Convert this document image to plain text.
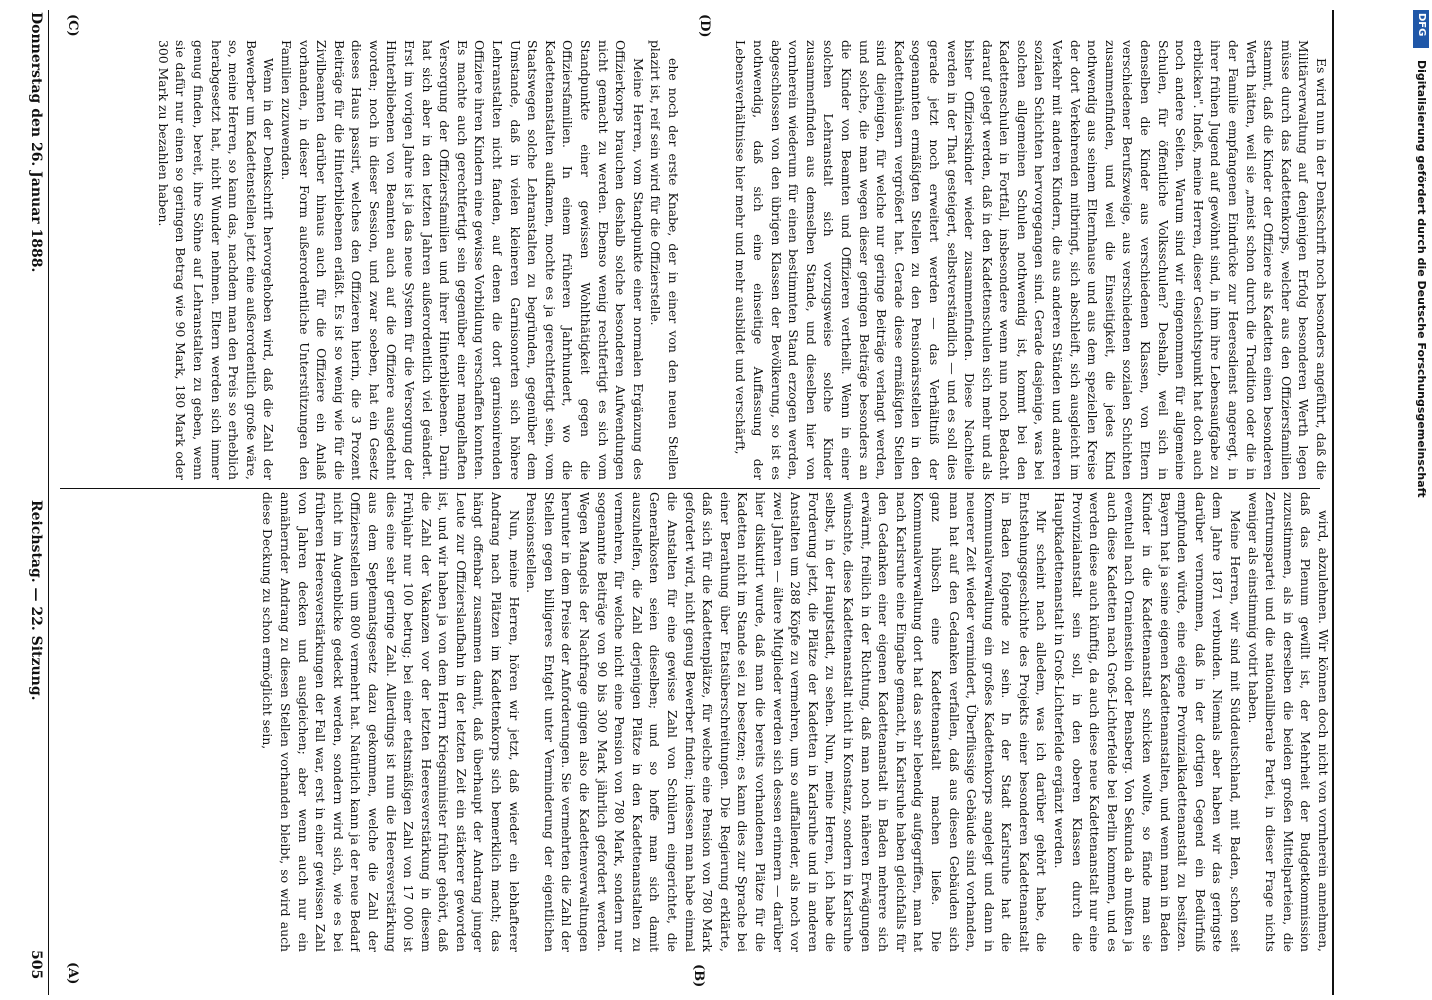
Reichstag. — 22. Sitzung.
Donnerstag den 26. Januar 1888.
505 (A)	(B)
(C)	(D)

wird, abzulehnen. Wir können doch nicht von vornherein annehmen, daß das Plenum gewillt ist, der Mehrheit der Budgetkommission zuzustimmen, als in derselben die beiden großen Mittelparteien, die Zentrumspartei und die nationalliberale Partei, in dieser Frage nichts weniger als einstimmig votirt haben.

Meine Herren, wir sind mit Süddeutschland, mit Baden, schon seit dem Jahre 1871 verbunden. Niemals aber haben wir das geringste darüber vernommen, daß in der dortigen Gegend ein Bedürfniß empfunden würde, eine eigene Provinzialkadettenanstalt zu besitzen. Bayern hat ja seine eigenen Kadettenanstalten, und wenn man in Baden Kinder in die Kadettenanstalt schicken wollte, so fände man sie eventuell nach Oranienstein oder Bensberg. Von Sekunda ab mußten ja auch diese Kadetten nach Groß-Lichterfelde bei Berlin kommen, und es werden diese auch künftig, da auch diese neue Kadettenanstalt nur eine Provinzialanstalt sein soll, in den oberen Klassen durch die Hauptkadettenanstalt in Groß-Lichterfelde ergänzt werden.

Mir scheint nach alledem, was ich darüber gehört habe, die Entstehungsgeschichte des Projekts einer besonderen Kadettenanstalt in Baden folgende zu sein. In der Stadt Karlsruhe hat die Kommunalverwaltung ein großes Kadettenkorps angelegt und dann in neuerer Zeit wieder vermindert, Überflüssige Gebäude sind vorhanden, man hat auf den Gedanken verfallen, daß aus diesen Gebäuden sich ganz hübsch eine Kadettenanstalt machen ließe. Die Kommunalverwaltung dort hat das sehr lebendig aufgegriffen, man hat nach Karlsruhe eine Eingabe gemacht, in Karlsruhe haben gleichfalls für den Gedanken einer eigenen Kadettenanstalt in Baden mehrere sich erwärmt, freilich in der Richtung, daß man noch näheren Erwägungen wünschte, diese Kadettenanstalt nicht in Konstanz, sondern in Karlsruhe selbst, in der Hauptstadt, zu sehen. Nun, meine Herren, ich habe die Forderung jetzt, die Plätze der Kadetten in Karlsruhe und in anderen Anstalten um 288 Köpfe zu vermehren, um so auffallender, als noch vor zwei Jahren — ältere Mitglieder werden sich dessen erinnern — darüber hier diskutirt wurde, daß man die bereits vorhandenen Plätze für die Kadetten nicht im Stande sei zu besetzen; es kann dies zur Sprache bei einer Berathung über Etatsüberschreitungen. Die Regierung erklärte, daß sich für die Kadettenplätze, für welche eine Pension von 780 Mark gefordert wird, nicht genug Bewerber finden; indessen man habe einmal die Anstalten für eine gewisse Zahl von Schülern eingerichtet, die Generalkosten seien dieselben; und so hoffe man sich damit auszuhelfen, die Zahl derjenigen Plätze in den Kadettenanstalten zu vermehren, für welche nicht eine Pension von 780 Mark, sondern nur sogenannte Beiträge von 90 bis 300 Mark jährlich gefordert werden. Wegen Mangels der Nachfrage gingen also die Kadettenverwaltungen herunter in dem Preise der Anforderungen. Sie vermehrten die Zahl der Stellen gegen billigeres Entgelt unter Verminderung der eigentlichen Pensionsstellen.

Nun, meine Herren, hören wir jetzt, daß wieder ein lebhafterer Andrang nach Plätzen im Kadettenkorps sich bemerklich macht; das hängt offenbar zusammen damit, daß überhaupt der Andrang junger Leute zur Offizierslaufbahn in der letzten Zeit ein stärkerer geworden ist, und wir haben ja von dem Herrn Kriegsminister früher gehört, daß die Zahl der Vakanzen vor der letzten Heeresverstärkung in diesem Frühjahr nur 100 betrug; bei einer etatsmäßigen Zahl von 17 000 ist dies eine sehr geringe Zahl. Allerdings ist nun die Heeresverstärkung aus dem Septennatsgesetz dazu gekommen, welche die Zahl der Offiziersstellen um 800 vermehrt hat. Natürlich kann ja der neue Bedarf nicht im Augenblicke gedeckt werden, sondern wird sich, wie es bei früheren Heeresverstärkungen der Fall war, erst in einer gewissen Zahl von Jahren decken und ausgleichen; aber wenn auch nur ein annähernder Andrang zu diesen Stellen vorhanden bleibt, so wird auch diese Deckung zu schon ermöglicht sein,

ehe noch der erste Knabe, der in einer von den neuen Stellen plazirt ist, reif sein wird für die Offizierstelle.

Meine Herren, vom Standpunkte einer normalen Ergänzung des Offizierkorps brauchen deshalb solche besonderen Aufwendungen nicht gemacht zu werden. Ebenso wenig rechtfertigt es sich vom Standpunkte einer gewissen Wohlthätigkeit gegen die Offiziersfamilien. In einem früheren Jahrhundert, wo die Kadettenanstalten aufkamen, mochte es ja gerechtfertigt sein, vom Staatswegen solche Lehranstalten zu begründen, gegenüber dem Umstande, daß in vielen kleineren Garnisonorten sich höhere Lehranstalten nicht fanden, auf denen die dort garnisonirenden Offiziere ihren Kindern eine gewisse Vorbildung verschaffen konnten. Es machte auch gerechtfertigt sein gegenüber einer mangelhaften Versorgung der Offiziersfamilien und ihrer Hinterbliebenen. Darin hat sich aber in den letzten Jahren außerordentlich viel geändert. Erst im vorigen Jahre ist ja das neue System für die Versorgung der Hinterbliebenen von Beamten auch auf die Offiziere ausgedehnt worden; noch in dieser Session, und zwar soeben, hat ein Gesetz dieses Haus passirt, welches den Offizieren hierin, die 3 Prozent Beiträge für die Hinterbliebenen erläßt. Es ist so wenig wie für die Zivilbeamten darüber hinaus auch für die Offiziere ein Anlaß vorhanden, in dieser Form außerordentliche Unterstützungen den Familien zuzuwenden.

Wenn in der Denkschrift hervorgehoben wird, daß die Zahl der Bewerber um Kadettenstellen jetzt eine außerordentlich große wäre, so, meine Herren, so kann das, nachdem man den Preis so erheblich herabgesetzt hat, nicht Wunder nehmen. Eltern werden sich immer genug finden, bereit, ihre Söhne auf Lehranstalten zu geben, wenn sie dafür nur einen so geringen Betrag wie 90 Mark, 180 Mark oder 300 Mark zu bezahlen haben.	Es wird nun in der Denkschrift noch besonders angeführt, daß die Militärverwaltung auf denjenigen Erfolg besonderen Werth legen müsse durch das Kadettenkorps, welcher aus den Offiziersfamilien stammt, daß die Kinder der Offiziere als Kadetten einen besonderen Werth hätten, weil sie „meist schon durch die Tradition oder die in der Familie empfangenen Eindrücke zur Heeresdienst angeregt, in ihrer frühen Jugend auf gewöhnt sind, in ihm ihre Lebensaufgabe zu erblicken". Indeß, meine Herren, dieser Gesichtspunkt hat doch auch noch andere Seiten. Warum sind wir eingenommen für allgemeine Schulen, für öffentliche Volksschulen? Deshalb, weil sich in denselben die Kinder aus verschiedenen Klassen, von Eltern verschiedener Berufszweige, aus verschiedenen sozialen Schichten zusammenfinden, und weil die Einseitigkeit, die jedes Kind nothwendig aus seinem Elternhause und aus dem speziellen Kreise der dort Verkehrenden mitbringt, sich abschleift, sich ausgleicht im Verkehr mit anderen Kindern, die aus anderen Ständen und anderen sozialen Schichten hervorgegangen sind. Gerade dasjenige, was bei solchen allgemeinen Schulen nothwendig ist, kommt bei den Kadettenschulen in Fortfall, insbesondere wenn nun noch Bedacht darauf gelegt werden, daß in den Kadettenschulen sich mehr und als bisher Offizierskinder wieder zusammenfinden. Diese Nachteile werden in der That gesteigert, selbstverständlich — und es soll dies gerade jetzt noch erweitert werden — das Verhältniß der sogenannten ermäßigten Stellen zu den Pensionärsstellen in den Kadettenhäusern vergrößert hat. Gerade diese ermäßigten Stellen sind diejenigen, für welche nur geringe Beiträge verlangt werden, und solche, die man wegen dieser geringen Beiträge besonders an die Kinder von Beamten und Offizieren vertheilt. Wenn in einer solchen Lehranstalt sich vorzugsweise solche Kinder zusammenfinden aus demselben Stande, und dieselben hier von vornherein wiederum für einen bestimmten Stand erzogen werden, abgeschlossen von den übrigen Klassen der Bevölkerung, so ist es nothwendig, daß sich eine einseitige Auffassung der Lebensverhältnisse hier mehr und mehr ausbildet und verschärft,	Digitalisierung gefördert durch die Deutsche Forschungsgemeinschaft
DFG
